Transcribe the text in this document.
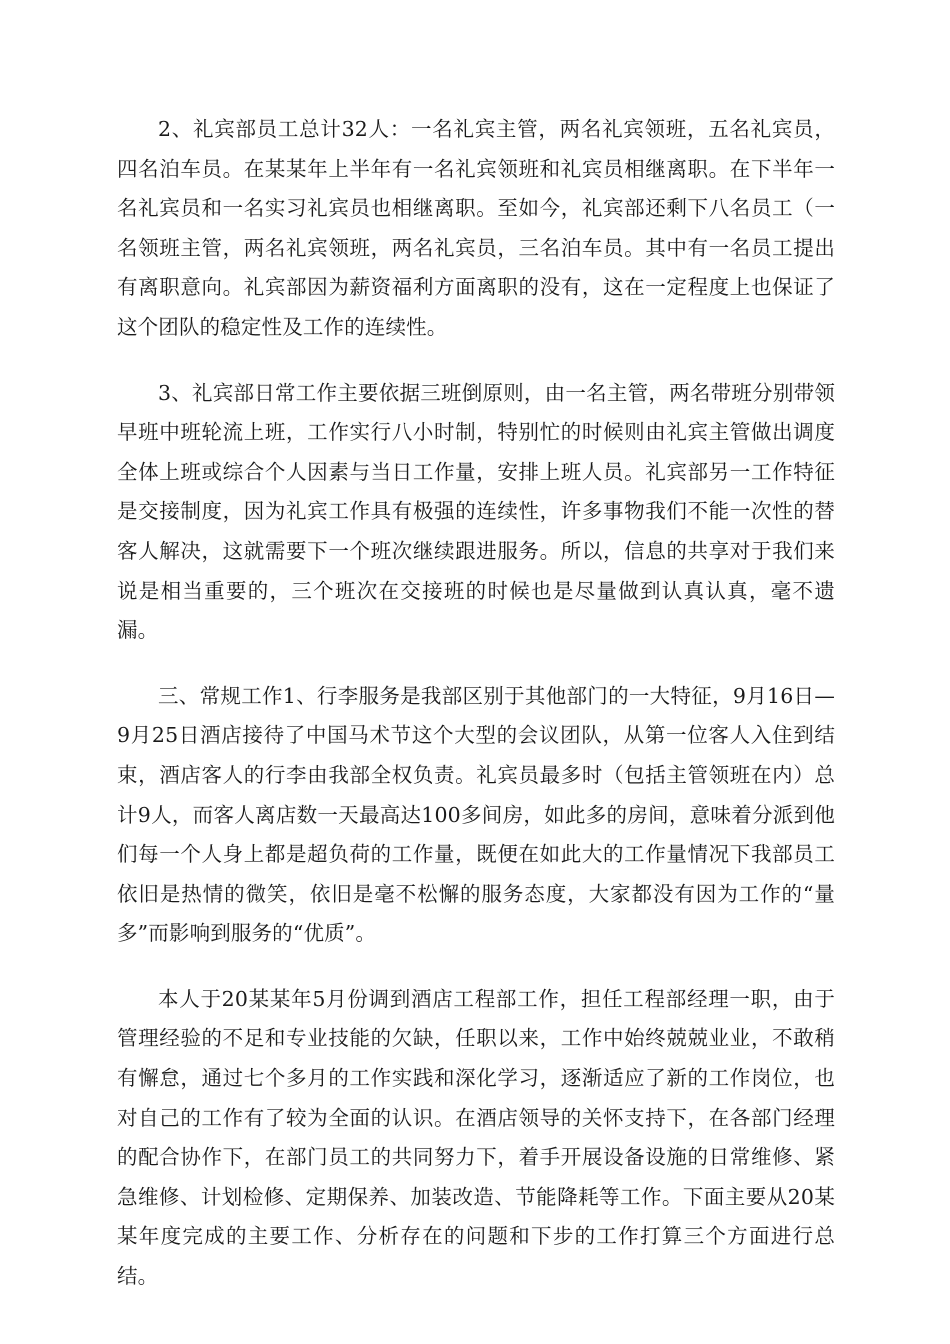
2、礼宾部员工总计32人：一名礼宾主管，两名礼宾领班，五名礼宾员，四名泊车员。在某某年上半年有一名礼宾领班和礼宾员相继离职。在下半年一名礼宾员和一名实习礼宾员也相继离职。至如今，礼宾部还剩下八名员工（一名领班主管，两名礼宾领班，两名礼宾员，三名泊车员。其中有一名员工提出有离职意向。礼宾部因为薪资福利方面离职的没有，这在一定程度上也保证了这个团队的稳定性及工作的连续性。

3、礼宾部日常工作主要依据三班倒原则，由一名主管，两名带班分别带领早班中班轮流上班，工作实行八小时制，特别忙的时候则由礼宾主管做出调度全体上班或综合个人因素与当日工作量，安排上班人员。礼宾部另一工作特征是交接制度，因为礼宾工作具有极强的连续性，许多事物我们不能一次性的替客人解决，这就需要下一个班次继续跟进服务。所以，信息的共享对于我们来说是相当重要的，三个班次在交接班的时候也是尽量做到认真认真，毫不遗漏。

三、常规工作1、行李服务是我部区别于其他部门的一大特征，9月16日—9月25日酒店接待了中国马术节这个大型的会议团队，从第一位客人入住到结束，酒店客人的行李由我部全权负责。礼宾员最多时（包括主管领班在内）总计9人，而客人离店数一天最高达100多间房，如此多的房间，意味着分派到他们每一个人身上都是超负荷的工作量，既便在如此大的工作量情况下我部员工依旧是热情的微笑，依旧是毫不松懈的服务态度，大家都没有因为工作的“量多”而影响到服务的“优质”。

本人于20某某年5月份调到酒店工程部工作，担任工程部经理一职，由于管理经验的不足和专业技能的欠缺，任职以来，工作中始终兢兢业业，不敢稍有懈怠，通过七个多月的工作实践和深化学习，逐渐适应了新的工作岗位，也对自己的工作有了较为全面的认识。在酒店领导的关怀支持下，在各部门经理的配合协作下，在部门员工的共同努力下，着手开展设备设施的日常维修、紧急维修、计划检修、定期保养、加装改造、节能降耗等工作。下面主要从20某某年度完成的主要工作、分析存在的问题和下步的工作打算三个方面进行总结。
